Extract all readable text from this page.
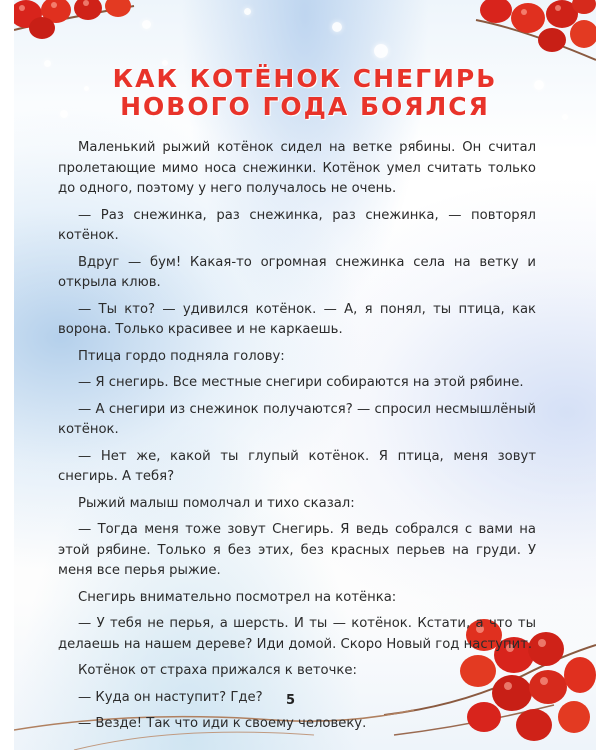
КАК КОТЁНОК СНЕГИРЬ
НОВОГО ГОДА БОЯЛСЯ

Маленький рыжий котёнок сидел на ветке рябины. Он считал пролетающие мимо носа снежинки. Котёнок умел считать только до одного, поэтому у него получалось не очень.

— Раз снежинка, раз снежинка, раз снежинка, — повторял котёнок.

Вдруг — бум! Какая-то огромная снежинка села на ветку и открыла клюв.

— Ты кто? — удивился котёнок. — А, я понял, ты птица, как ворона. Только красивее и не каркаешь.

Птица гордо подняла голову:

— Я снегирь. Все местные снегири собираются на этой рябине.

— А снегири из снежинок получаются? — спросил несмышлёный котёнок.

— Нет же, какой ты глупый котёнок. Я птица, меня зовут снегирь. А тебя?

Рыжий малыш помолчал и тихо сказал:

— Тогда меня тоже зовут Снегирь. Я ведь собрался с вами на этой рябине. Только я без этих, без красных перьев на груди. У меня все перья рыжие.

Снегирь внимательно посмотрел на котёнка:

— У тебя не перья, а шерсть. И ты — котёнок. Кстати, а что ты делаешь на нашем дереве? Иди домой. Скоро Новый год наступит.

Котёнок от страха прижался к веточке:

— Куда он наступит? Где?

— Везде! Так что иди к своему человеку.

5
